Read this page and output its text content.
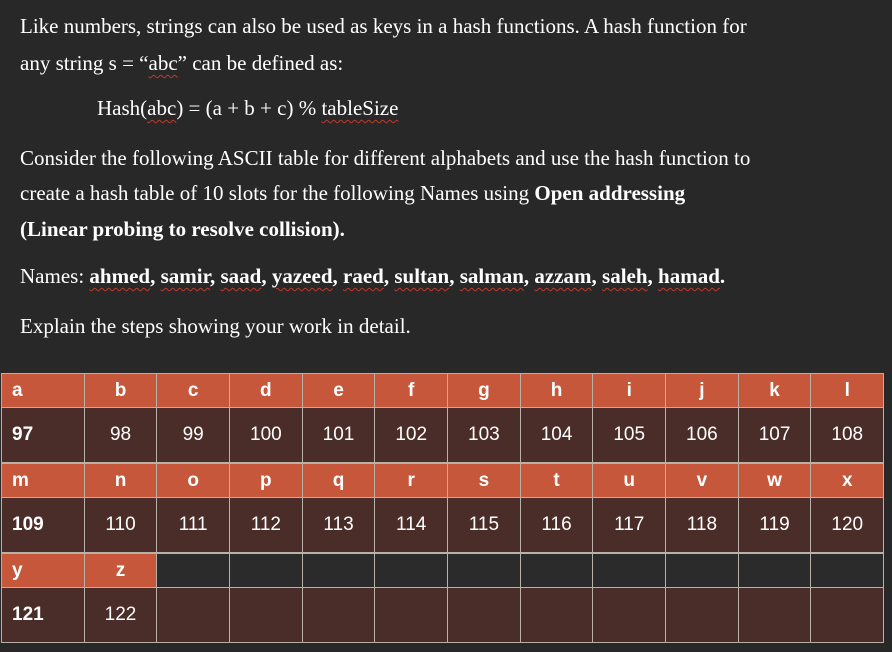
Like numbers, strings can also be used as keys in a hash functions. A hash function for
any string s = “abc” can be defined as:
Hash(abc) = (a + b + c) % tableSize
Consider the following ASCII table for different alphabets and use the hash function to
create a hash table of 10 slots for the following Names using Open addressing
(Linear probing to resolve collision).
Names: ahmed, samir, saad, yazeed, raed, sultan, salman, azzam, saleh, hamad.
Explain the steps showing your work in detail.
a	b	c	d	e	f	g	h	i	j	k	l
97	98	99	100	101	102	103	104	105	106	107	108
m	n	o	p	q	r	s	t	u	v	w	x
109	110	111	112	113	114	115	116	117	118	119	120
y	z
121	122
